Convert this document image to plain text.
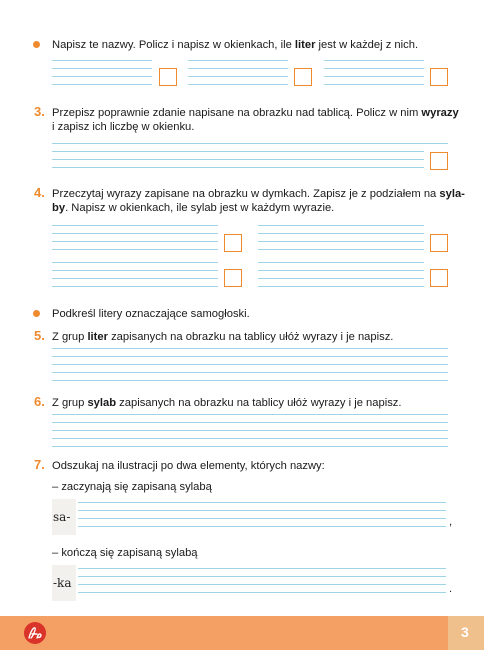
Napisz te nazwy. Policz i napisz w okienkach, ile liter jest w każdej z nich.
3. Przepisz poprawnie zdanie napisane na obrazku nad tablicą. Policz w nim wyrazy
i zapisz ich liczbę w okienku.
4. Przeczytaj wyrazy zapisane na obrazku w dymkach. Zapisz je z podziałem na syla-
by. Napisz w okienkach, ile sylab jest w każdym wyrazie.
Podkreśl litery oznaczające samogłoski.
5. Z grup liter zapisanych na obrazku na tablicy ułóż wyrazy i je napisz.
6. Z grup sylab zapisanych na obrazku na tablicy ułóż wyrazy i je napisz.
7. Odszukaj na ilustracji po dwa elementy, których nazwy:
– zaczynają się zapisaną sylabą
sa-	,
– kończą się zapisaną sylabą
-ka	.
3
